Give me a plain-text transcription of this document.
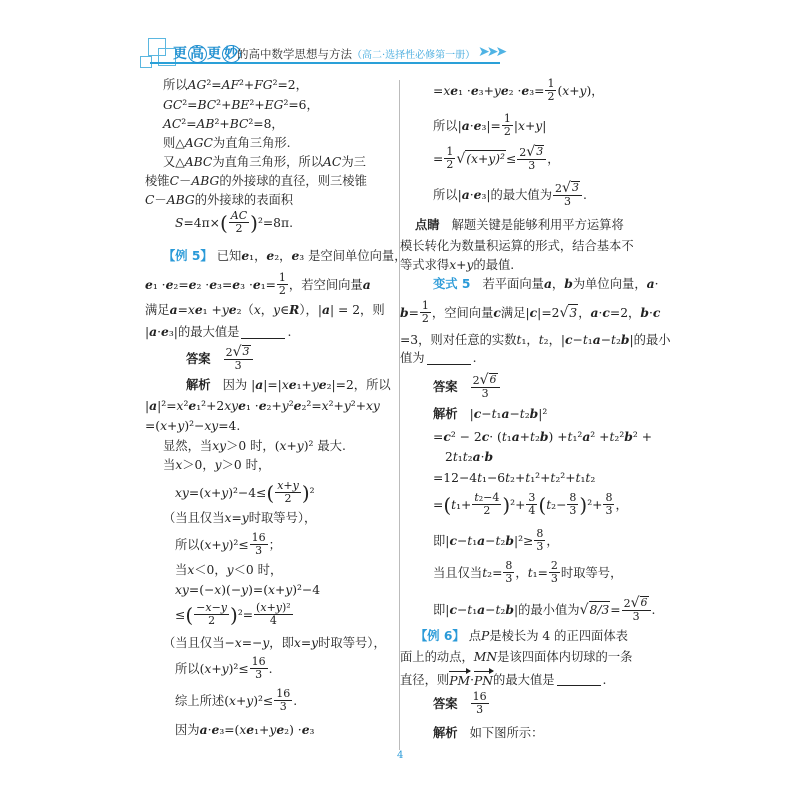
更 高 更 妙
的高中数学思想与方法（高二·选择性必修第一册） ➤➤➤
所以 AG ²= AF ²+ FG ²=2，
GC ²= BC ²+ BE ²+ EG ²=6，
AC ²= AB ²+ BC ²=8，
则△ AGC 为直角三角形.
又△ ABC 为直角三角形，所以 AC 为三
棱锥 C － ABG 的外接球的直径，则三棱锥
C － ABG 的外接球的表面积
S =4π× ( $\frac{AC}{2}$ ) ²=8π.
【例 5】 已知 e ₁， e ₂， e ₃ 是空间单位向量，
e ₁ · e ₂= e ₂ · e ₃= e ₃ · e $_1= \frac{1}{2}$ ，若空间向量 a
满足 a = x e ₁ + y e ₂（ x ， y ∈ R ），| a | = 2，则
| a · e ₃|的最大值是	.
答案 $\frac{2 √ 3}{3}$
解析 因为 | a |=| x e ₁+ y e ₂|=2，所以
| a |²= x ² e ₁²+2 xy e ₁ · e ₂+ y ² e ₂²= x ²+ y ²+ xy
=( x + y )²− xy =4.
显然，当 xy ＞0 时，( x + y )² 最大.
当 x ＞0， y ＞0 时，
xy =( x + y )²−4≤ ( $\frac{x+y}{2}$ ) ²
（当且仅当 x = y 时取等号），
所以( x + y )$^2\le \frac{16}{3}$ ；
当 x ＜0， y ＜0 时，
xy =(− x )(− y )=( x + y )²−4
≤ ( $\frac{-x-y}{2}$ ) $^2= \frac{\text{(x+y)²}}{4}$
（当且仅当− x =− y ，即 x = y 时取等号），
所以( x + y )$^2\le \frac{16}{3}$ .
综上所述( x + y )$^2\le \frac{16}{3}$ .
因为 a · e ₃=( x e ₁+ y e ₂) · e ₃
= x e ₁ · e ₃+ y e ₂ · e $_3= \frac{1}{2}$ ( x + y )，
所以| a · e $_3|= \frac{1}{2}$ | x + y |
= $\frac{1}{2}$ √ $(x+y)^2 \le \frac{2 √ 3}{3}$ ，
所以| a · e ₃|的最大值为 $\frac{2 √ 3}{3}$ .
点睛 解题关键是能够利用平方运算将
模长转化为数量积运算的形式，结合基本不
等式求得 x + y 的最值.
变式 5 若平面向量 a ， b 为单位向量， a ·
$b = \frac{1}{2}$ ，空间向量 c 满足| c |=2 √ 3 ， a · c =2， b · c
=3，则对任意的实数 t ₁， t ₂，| c − t ₁ a − t ₂ b |的最小
值为	.
答案 $\frac{2 √ 6}{3}$
解析 | c − t ₁ a − t ₂ b |²
= c ² − 2 c · ( t ₁ a + t ₂ b ) + t ₁² a ² + t ₂² b ² +
2 t ₁ t ₂ a · b
=12−4 t ₁−6 t ₂+ t ₁²+ t ₂²+ t ₁ t ₂
= ( t $_1+ \frac{\text{t₂−4}}{2}$ ) $^2+ \frac{3}{4}$ ( t $_2- \frac{8}{3}$ ) $^2+ \frac{8}{3}$ ，
即| c − t ₁ a − t ₂ b $|^2\ge \frac{8}{3}$ ，
当且仅当 t $_2= \frac{8}{3}$ ， t $_1= \frac{2}{3}$ 时取等号，
即| c − t ₁ a − t ₂ b |的最小值为 √ $8/3 = \frac{2 √ 6}{3}$ .
【例 6】 点 P 是棱长为 4 的正四面体表
面上的动点， MN 是该四面体内切球的一条
直径，则 PM · PN 的最大值是	.
答案 $\frac{16}{3}$
解析 如下图所示：
4
